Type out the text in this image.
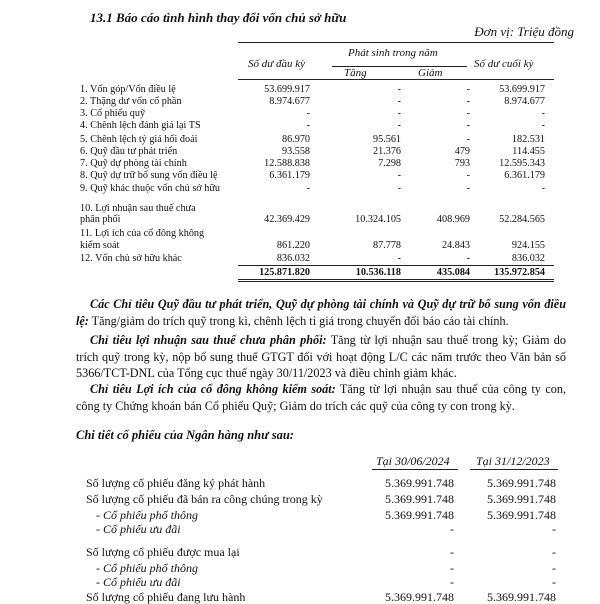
13.1 Báo cáo tình hình thay đổi vốn chủ sở hữu
Đơn vị: Triệu đồng
Số dư đầu kỳ
Phát sinh trong năm
Tăng	Giảm
Số dư cuối kỳ
1. Vốn góp/Vốn điều lệ	53.699.917	-	-	53.699.917
2. Thặng dư vốn cổ phần	8.974.677	-	-	8.974.677
3. Cổ phiếu quỹ	-	-	-	-
4. Chênh lệch đánh giá lại TS	-	-	-	-
5. Chênh lệch tỷ giá hối đoái	86.970	95.561	-	182.531
6. Quỹ đầu tư phát triển	93.558	21.376	479	114.455
7. Quỹ dự phòng tài chính	12.588.838	7.298	793	12.595.343
8. Quỹ dự trữ bổ sung vốn điều lệ	6.361.179	-	-	6.361.179
9. Quỹ khác thuộc vốn chủ sở hữu	-	-	-	-
10. Lợi nhuận sau thuế chưa
phân phối	42.369.429	10.324.105	408.969	52.284.565
11. Lợi ích của cổ đông không
kiểm soát	861.220	87.778	24.843	924.155
12. Vốn chủ sở hữu khác	836.032	-	-	836.032
125.871.820	10.536.118	435.084 135.972.854
Các Chỉ tiêu Quỹ đầu tư phát triển, Quỹ dự phòng tài chính và Quỹ dự trữ bổ sung vốn điều lệ: Tăng/giảm do trích quỹ trong kì, chênh lệch tỉ giá trong chuyển đổi báo cáo tài chính.
Chỉ tiêu lợi nhuận sau thuế chưa phân phối: Tăng từ lợi nhuận sau thuế trong kỳ; Giảm do trích quỹ trong kỳ, nộp bổ sung thuế GTGT đối với hoạt động L/C các năm trước theo Văn bản số 5366/TCT-DNL của Tổng cục thuế ngày 30/11/2023 và điều chỉnh giảm khác.
Chỉ tiêu Lợi ích của cổ đông không kiểm soát: Tăng từ lợi nhuận sau thuế của công ty con, công ty Chứng khoán bán Cổ phiếu Quỹ; Giảm do trích các quỹ của công ty con trong kỳ.
Chi tiết cổ phiếu của Ngân hàng như sau:
Tại 30/06/2024 Tại 31/12/2023
Số lượng cổ phiếu đăng ký phát hành	5.369.991.748	5.369.991.748
Số lượng cổ phiếu đã bán ra công chúng trong kỳ	5.369.991.748	5.369.991.748
- Cổ phiếu phổ thông	5.369.991.748	5.369.991.748
- Cổ phiếu ưu đãi	-	-
Số lượng cổ phiếu được mua lại	-	-
- Cổ phiếu phổ thông	-	-
- Cổ phiếu ưu đãi	-	-
Số lượng cổ phiếu đang lưu hành	5.369.991.748	5.369.991.748
